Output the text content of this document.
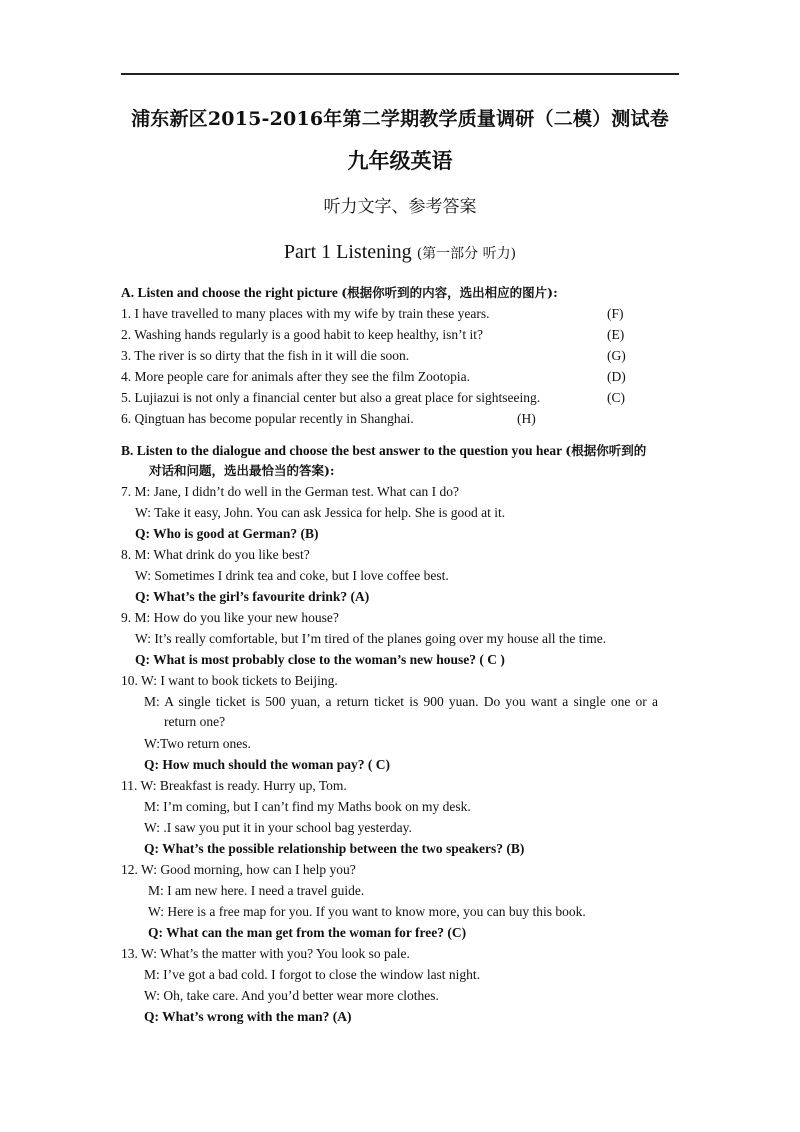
浦东新区2015-2016年第二学期教学质量调研（二模）测试卷
九年级英语
听力文字、参考答案
Part 1 Listening (第一部分 听力)
A. Listen and choose the right picture (根据你听到的内容，选出相应的图片):
1. I have travelled to many places with my wife by train these years.	(F)
2. Washing hands regularly is a good habit to keep healthy, isn’t it?	(E)
3. The river is so dirty that the fish in it will die soon.	(G)
4. More people care for animals after they see the film Zootopia.	(D)
5. Lujiazui is not only a financial center but also a great place for sightseeing.	(C)
6. Qingtuan has become popular recently in Shanghai.	(H)
B. Listen to the dialogue and choose the best answer to the question you hear (根据你听到的
对话和问题，选出最恰当的答案):
7. M: Jane, I didn’t do well in the German test. What can I do?
W: Take it easy, John. You can ask Jessica for help. She is good at it.
Q: Who is good at German? (B)
8. M: What drink do you like best?
W: Sometimes I drink tea and coke, but I love coffee best.
Q: What’s the girl’s favourite drink? (A)
9. M: How do you like your new house?
W: It’s really comfortable, but I’m tired of the planes going over my house all the time.
Q: What is most probably close to the woman’s new house? ( C )
10. W: I want to book tickets to Beijing.
M: A single ticket is 500 yuan, a return ticket is 900 yuan. Do you want a single one or a
return one?
W:Two return ones.
Q: How much should the woman pay? ( C)
11. W: Breakfast is ready. Hurry up, Tom.
M: I’m coming, but I can’t find my Maths book on my desk.
W: .I saw you put it in your school bag yesterday.
Q: What’s the possible relationship between the two speakers? (B)
12. W: Good morning, how can I help you?
M: I am new here. I need a travel guide.
W: Here is a free map for you. If you want to know more, you can buy this book.
Q: What can the man get from the woman for free? (C)
13. W: What’s the matter with you? You look so pale.
M: I’ve got a bad cold. I forgot to close the window last night.
W: Oh, take care. And you’d better wear more clothes.
Q: What’s wrong with the man? (A)
